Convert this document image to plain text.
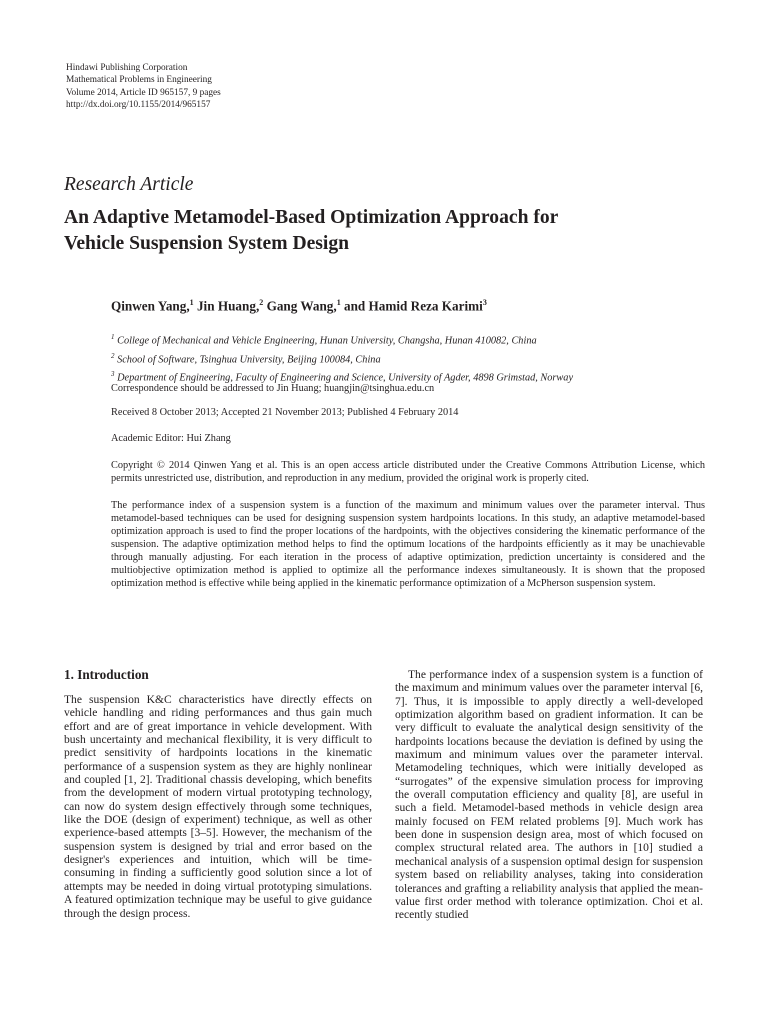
Hindawi Publishing Corporation
Mathematical Problems in Engineering
Volume 2014, Article ID 965157, 9 pages
http://dx.doi.org/10.1155/2014/965157
Research Article
An Adaptive Metamodel-Based Optimization Approach for
Vehicle Suspension System Design
Qinwen Yang,$^1$ Jin Huang,$^2$ Gang Wang,$^1$ and Hamid Reza Karimi$^3$
$^1$ College of Mechanical and Vehicle Engineering, Hunan University, Changsha, Hunan 410082, China
$^2$ School of Software, Tsinghua University, Beijing 100084, China
$^3$ Department of Engineering, Faculty of Engineering and Science, University of Agder, 4898 Grimstad, Norway
Correspondence should be addressed to Jin Huang; huangjin@tsinghua.edu.cn
Received 8 October 2013; Accepted 21 November 2013; Published 4 February 2014
Academic Editor: Hui Zhang
Copyright © 2014 Qinwen Yang et al. This is an open access article distributed under the Creative Commons Attribution License, which permits unrestricted use, distribution, and reproduction in any medium, provided the original work is properly cited.
The performance index of a suspension system is a function of the maximum and minimum values over the parameter interval. Thus metamodel-based techniques can be used for designing suspension system hardpoints locations. In this study, an adaptive metamodel-based optimization approach is used to find the proper locations of the hardpoints, with the objectives considering the kinematic performance of the suspension. The adaptive optimization method helps to find the optimum locations of the hardpoints efficiently as it may be unachievable through manually adjusting. For each iteration in the process of adaptive optimization, prediction uncertainty is considered and the multiobjective optimization method is applied to optimize all the performance indexes simultaneously. It is shown that the proposed optimization method is effective while being applied in the kinematic performance optimization of a McPherson suspension system.
1. Introduction
The suspension K&C characteristics have directly effects on vehicle handling and riding performances and thus gain much effort and are of great importance in vehicle development. With bush uncertainty and mechanical flexibility, it is very difficult to predict sensitivity of hardpoints locations in the kinematic performance of a suspension system as they are highly nonlinear and coupled [1, 2]. Traditional chassis developing, which benefits from the development of modern virtual prototyping technology, can now do system design effectively through some techniques, like the DOE (design of experiment) technique, as well as other experience-based attempts [3–5]. However, the mechanism of the suspension system is designed by trial and error based on the designer's experiences and intuition, which will be time-consuming in finding a sufficiently good solution since a lot of attempts may be needed in doing virtual prototyping simulations. A featured optimization technique may be useful to give guidance through the design process.
The performance index of a suspension system is a function of the maximum and minimum values over the parameter interval [6, 7]. Thus, it is impossible to apply directly a well-developed optimization algorithm based on gradient information. It can be very difficult to evaluate the analytical design sensitivity of the hardpoints locations because the deviation is defined by using the maximum and minimum values over the parameter interval. Metamodeling techniques, which were initially developed as “surrogates” of the expensive simulation process for improving the overall computation efficiency and quality [8], are useful in such a field. Metamodel-based methods in vehicle design area mainly focused on FEM related problems [9]. Much work has been done in suspension design area, most of which focused on complex structural related area. The authors in [10] studied a mechanical analysis of a suspension optimal design for suspension system based on reliability analyses, taking into consideration tolerances and grafting a reliability analysis that applied the mean-value first order method with tolerance optimization. Choi et al. recently studied
